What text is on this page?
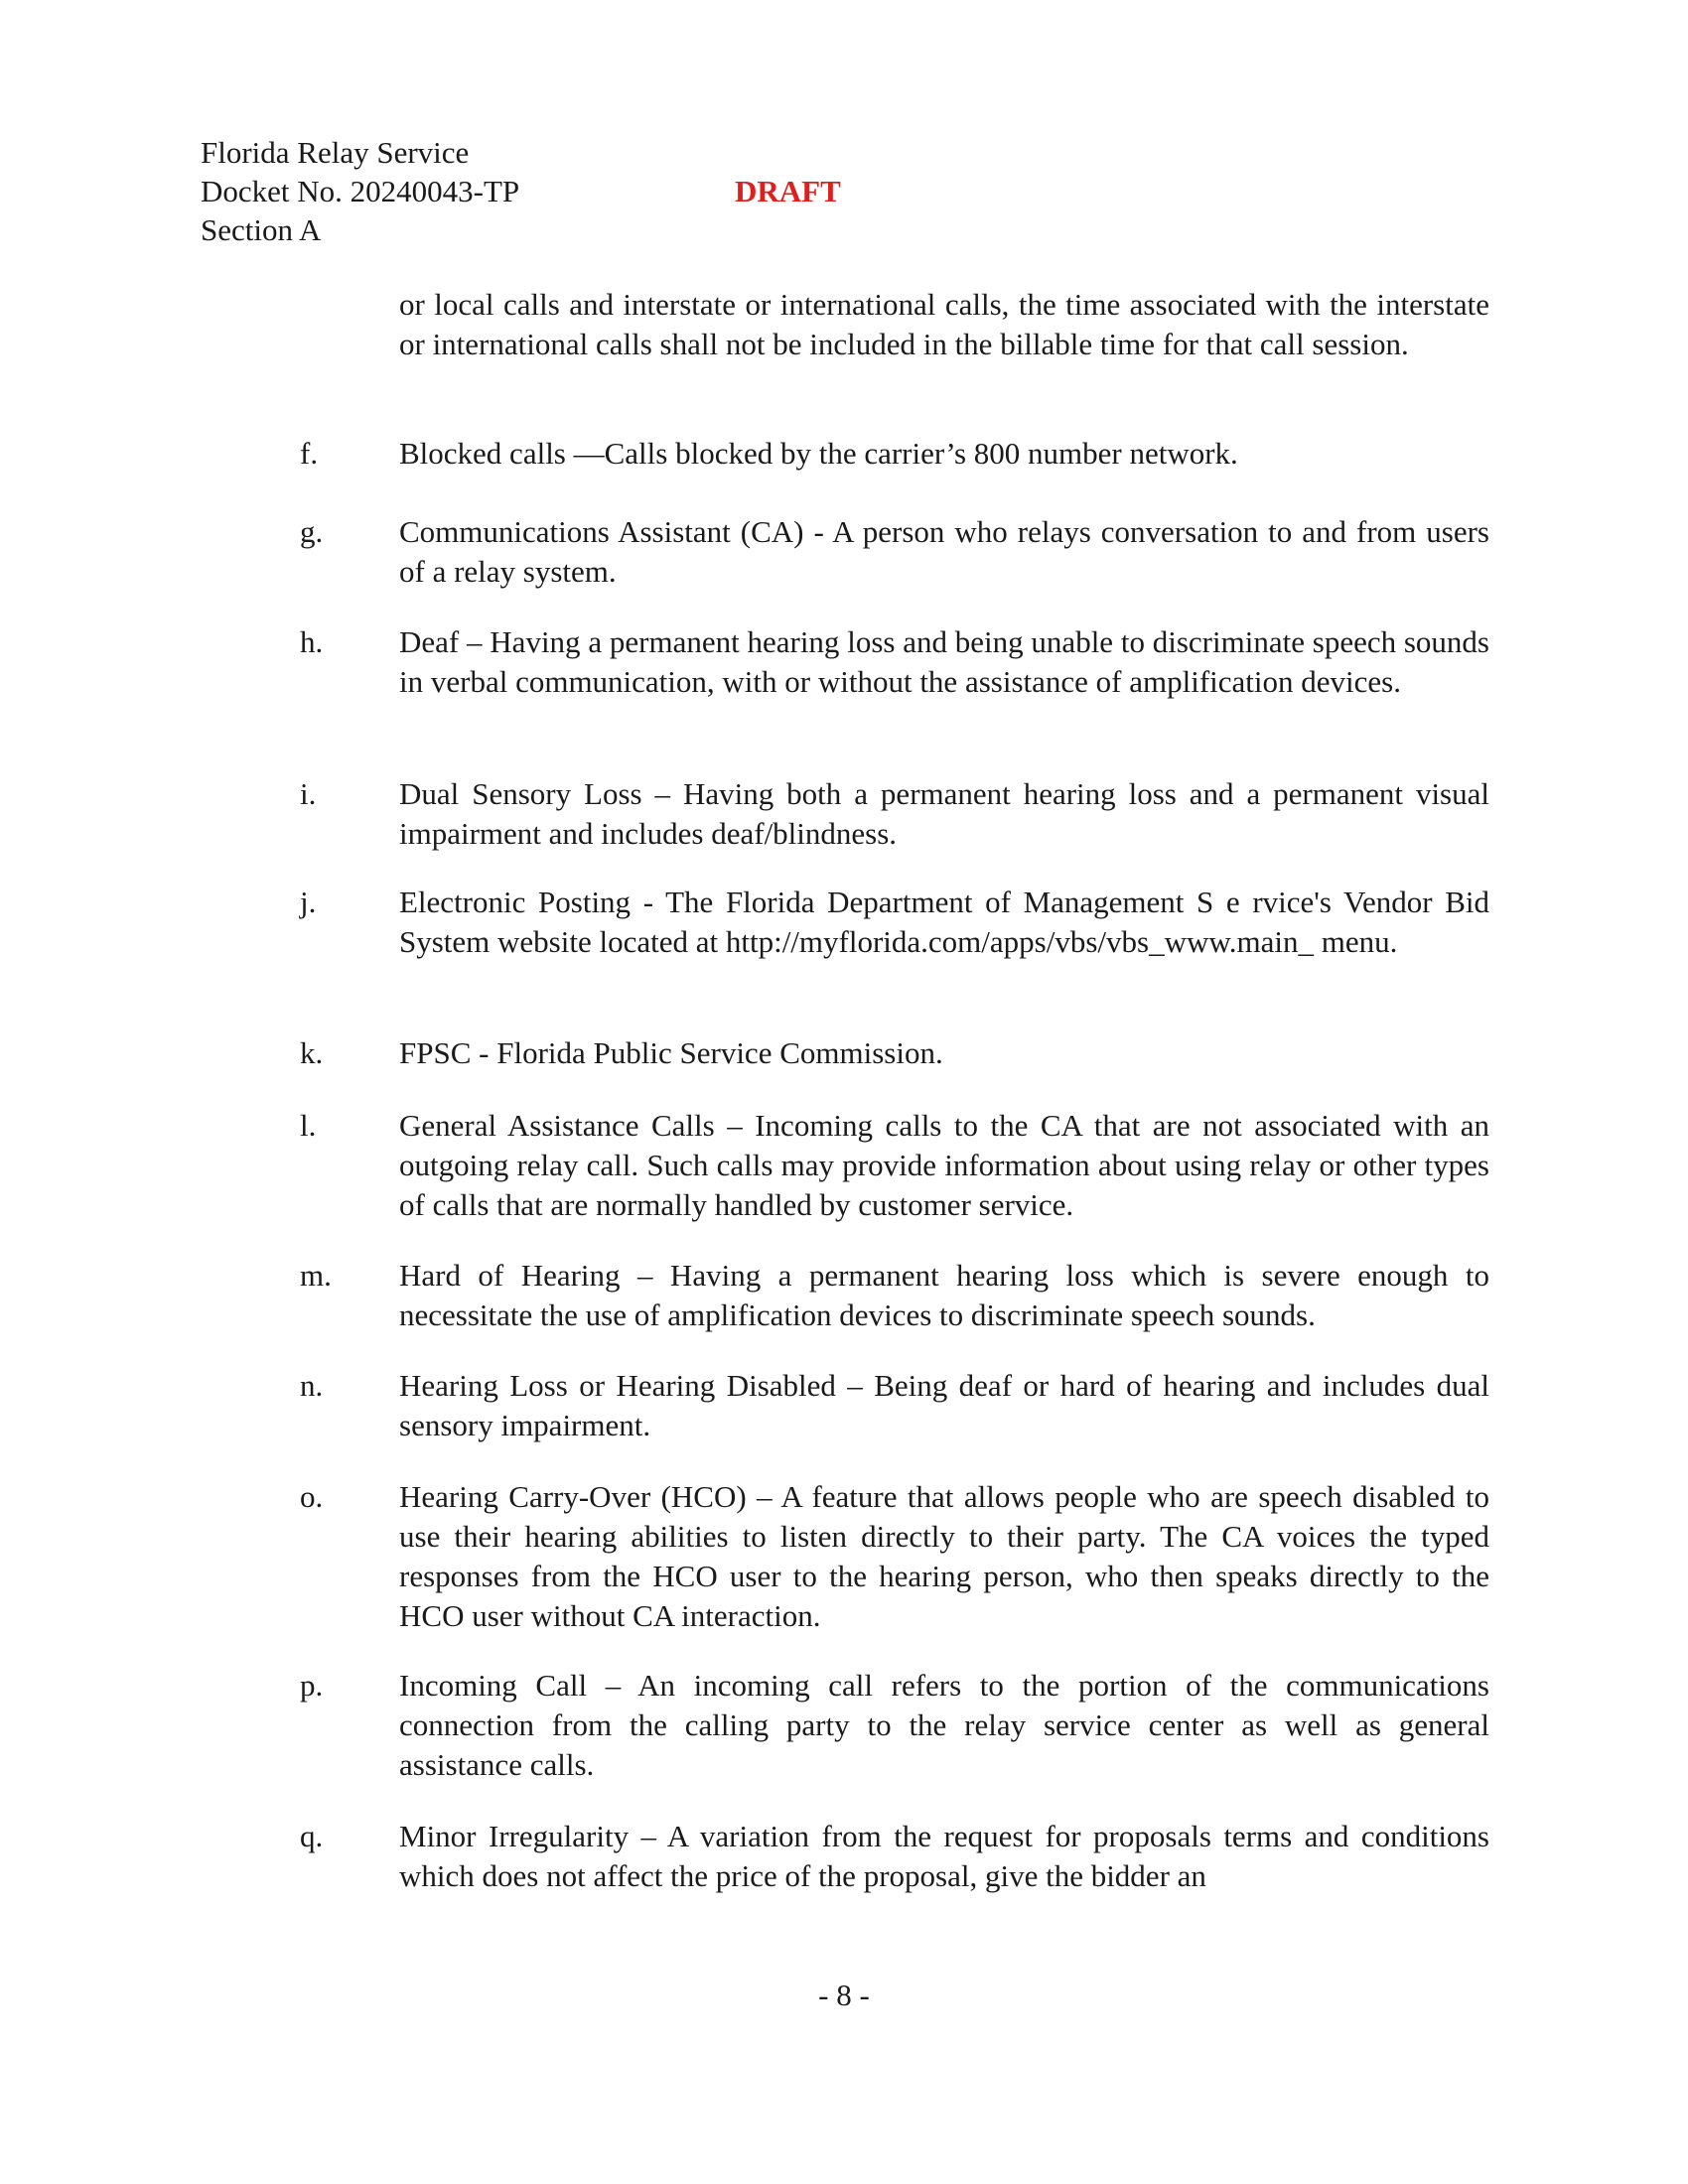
Florida Relay Service
Docket No. 20240043-TP
Section A
DRAFT
or local calls and interstate or international calls, the time associated with the interstate or international calls shall not be included in the billable time for that call session.
f.	Blocked calls —Calls blocked by the carrier’s 800 number network.
g. Communications Assistant (CA) - A person who relays conversation to and from users of a relay system.
h. Deaf – Having a permanent hearing loss and being unable to discriminate speech sounds in verbal communication, with or without the assistance of amplification devices.
i.	Dual Sensory Loss – Having both a permanent hearing loss and a permanent visual impairment and includes deaf/blindness.
j.	Electronic Posting - The Florida Department of Management S e rvice's Vendor Bid System website located at http://myflorida.com/apps/vbs/vbs_www.main_ menu.
k. FPSC - Florida Public Service Commission.
l.	General Assistance Calls – Incoming calls to the CA that are not associated with an outgoing relay call. Such calls may provide information about using relay or other types of calls that are normally handled by customer service.
m. Hard of Hearing – Having a permanent hearing loss which is severe enough to necessitate the use of amplification devices to discriminate speech sounds.
n. Hearing Loss or Hearing Disabled – Being deaf or hard of hearing and includes dual sensory impairment.
o. Hearing Carry-Over (HCO) – A feature that allows people who are speech disabled to use their hearing abilities to listen directly to their party. The CA voices the typed responses from the HCO user to the hearing person, who then speaks directly to the HCO user without CA interaction.
p. Incoming Call – An incoming call refers to the portion of the communications connection from the calling party to the relay service center as well as general assistance calls.
q. Minor Irregularity – A variation from the request for proposals terms and conditions which does not affect the price of the proposal, give the bidder an
- 8 -
